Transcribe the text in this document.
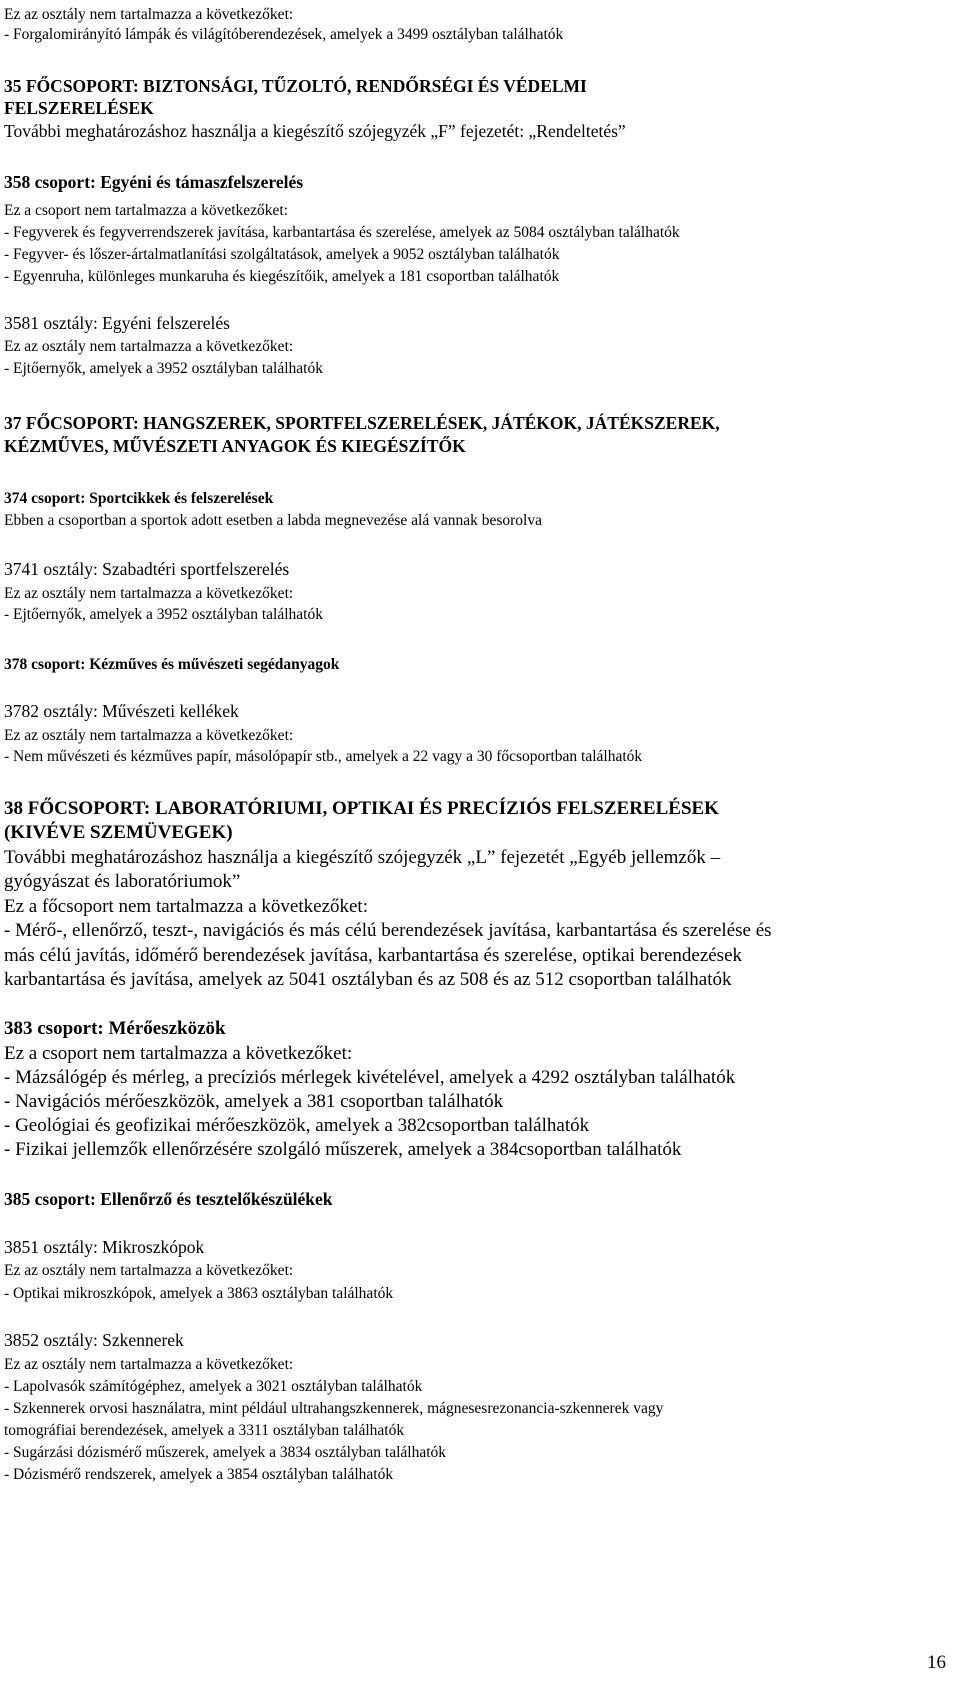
Ez az osztály nem tartalmazza a következőket:

- Forgalomirányító lámpák és világítóberendezések, amelyek a 3499 osztályban találhatók

35 FŐCSOPORT: BIZTONSÁGI, TŰZOLTÓ, RENDŐRSÉGI ÉS VÉDELMI

FELSZERELÉSEK

További meghatározáshoz használja a kiegészítő szójegyzék „F” fejezetét: „Rendeltetés”

358 csoport: Egyéni és támaszfelszerelés

Ez a csoport nem tartalmazza a következőket:

- Fegyverek és fegyverrendszerek javítása, karbantartása és szerelése, amelyek az 5084 osztályban találhatók

- Fegyver- és lőszer-ártalmatlanítási szolgáltatások, amelyek a 9052 osztályban találhatók

- Egyenruha, különleges munkaruha és kiegészítőik, amelyek a 181 csoportban találhatók

3581 osztály: Egyéni felszerelés

Ez az osztály nem tartalmazza a következőket:

- Ejtőernyők, amelyek a 3952 osztályban találhatók

37 FŐCSOPORT: HANGSZEREK, SPORTFELSZERELÉSEK, JÁTÉKOK, JÁTÉKSZEREK,

KÉZMŰVES, MŰVÉSZETI ANYAGOK ÉS KIEGÉSZÍTŐK

374 csoport: Sportcikkek és felszerelések

Ebben a csoportban a sportok adott esetben a labda megnevezése alá vannak besorolva

3741 osztály: Szabadtéri sportfelszerelés

Ez az osztály nem tartalmazza a következőket:

- Ejtőernyők, amelyek a 3952 osztályban találhatók

378 csoport: Kézműves és művészeti segédanyagok

3782 osztály: Művészeti kellékek

Ez az osztály nem tartalmazza a következőket:

- Nem művészeti és kézműves papír, másolópapír stb., amelyek a 22 vagy a 30 főcsoportban találhatók

38 FŐCSOPORT: LABORATÓRIUMI, OPTIKAI ÉS PRECÍZIÓS FELSZERELÉSEK

(KIVÉVE SZEMÜVEGEK)

További meghatározáshoz használja a kiegészítő szójegyzék „L” fejezetét „Egyéb jellemzők –

gyógyászat és laboratóriumok”

Ez a főcsoport nem tartalmazza a következőket:

- Mérő-, ellenőrző, teszt-, navigációs és más célú berendezések javítása, karbantartása és szerelése és

más célú javítás, időmérő berendezések javítása, karbantartása és szerelése, optikai berendezések

karbantartása és javítása, amelyek az 5041 osztályban és az 508 és az 512 csoportban találhatók

383 csoport: Mérőeszközök

Ez a csoport nem tartalmazza a következőket:

- Mázsálógép és mérleg, a precíziós mérlegek kivételével, amelyek a 4292 osztályban találhatók

- Navigációs mérőeszközök, amelyek a 381 csoportban találhatók

- Geológiai és geofizikai mérőeszközök, amelyek a 382csoportban találhatók

- Fizikai jellemzők ellenőrzésére szolgáló műszerek, amelyek a 384csoportban találhatók

385 csoport: Ellenőrző és tesztelőkészülékek

3851 osztály: Mikroszkópok

Ez az osztály nem tartalmazza a következőket:

- Optikai mikroszkópok, amelyek a 3863 osztályban találhatók

3852 osztály: Szkennerek

Ez az osztály nem tartalmazza a következőket:

- Lapolvasók számítógéphez, amelyek a 3021 osztályban találhatók

- Szkennerek orvosi használatra, mint például ultrahangszkennerek, mágnesesrezonancia-szkennerek vagy

tomográfiai berendezések, amelyek a 3311 osztályban találhatók

- Sugárzási dózismérő műszerek, amelyek a 3834 osztályban találhatók

- Dózismérő rendszerek, amelyek a 3854 osztályban találhatók

16
